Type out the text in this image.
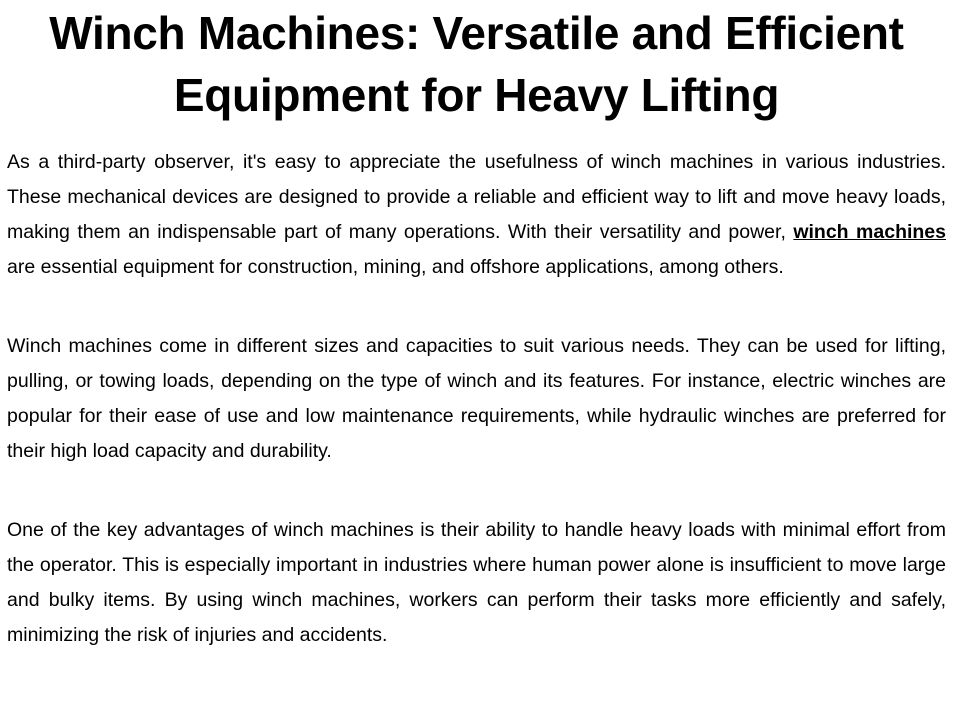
Winch Machines: Versatile and Efficient Equipment for Heavy Lifting

As a third-party observer, it's easy to appreciate the usefulness of winch machines in various industries. These mechanical devices are designed to provide a reliable and efficient way to lift and move heavy loads, making them an indispensable part of many operations. With their versatility and power, winch machines are essential equipment for construction, mining, and offshore applications, among others.

Winch machines come in different sizes and capacities to suit various needs. They can be used for lifting, pulling, or towing loads, depending on the type of winch and its features. For instance, electric winches are popular for their ease of use and low maintenance requirements, while hydraulic winches are preferred for their high load capacity and durability.

One of the key advantages of winch machines is their ability to handle heavy loads with minimal effort from the operator. This is especially important in industries where human power alone is insufficient to move large and bulky items. By using winch machines, workers can perform their tasks more efficiently and safely, minimizing the risk of injuries and accidents.
